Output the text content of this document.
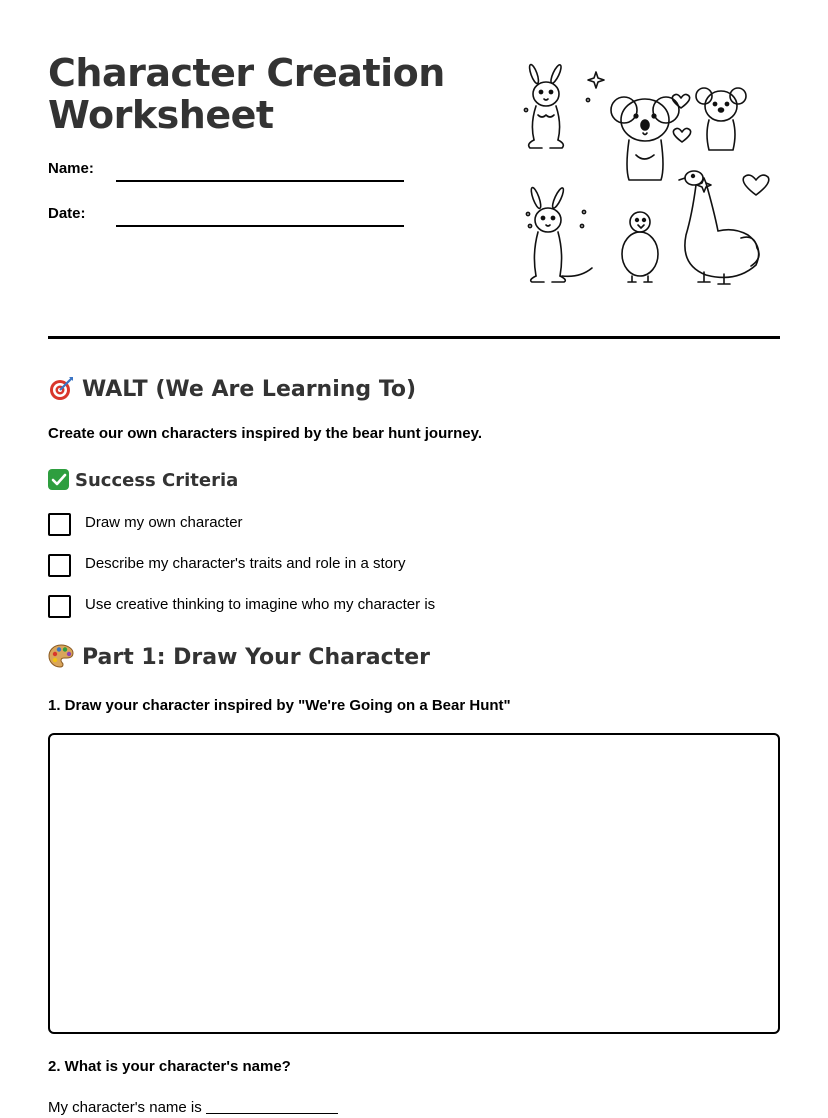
Character Creation Worksheet
Name:
Date:
WALT (We Are Learning To)
Create our own characters inspired by the bear hunt journey.
Success Criteria
Draw my own character
Describe my character's traits and role in a story
Use creative thinking to imagine who my character is
Part 1: Draw Your Character
1. Draw your character inspired by "We're Going on a Bear Hunt"
2. What is your character's name?
My character's name is
